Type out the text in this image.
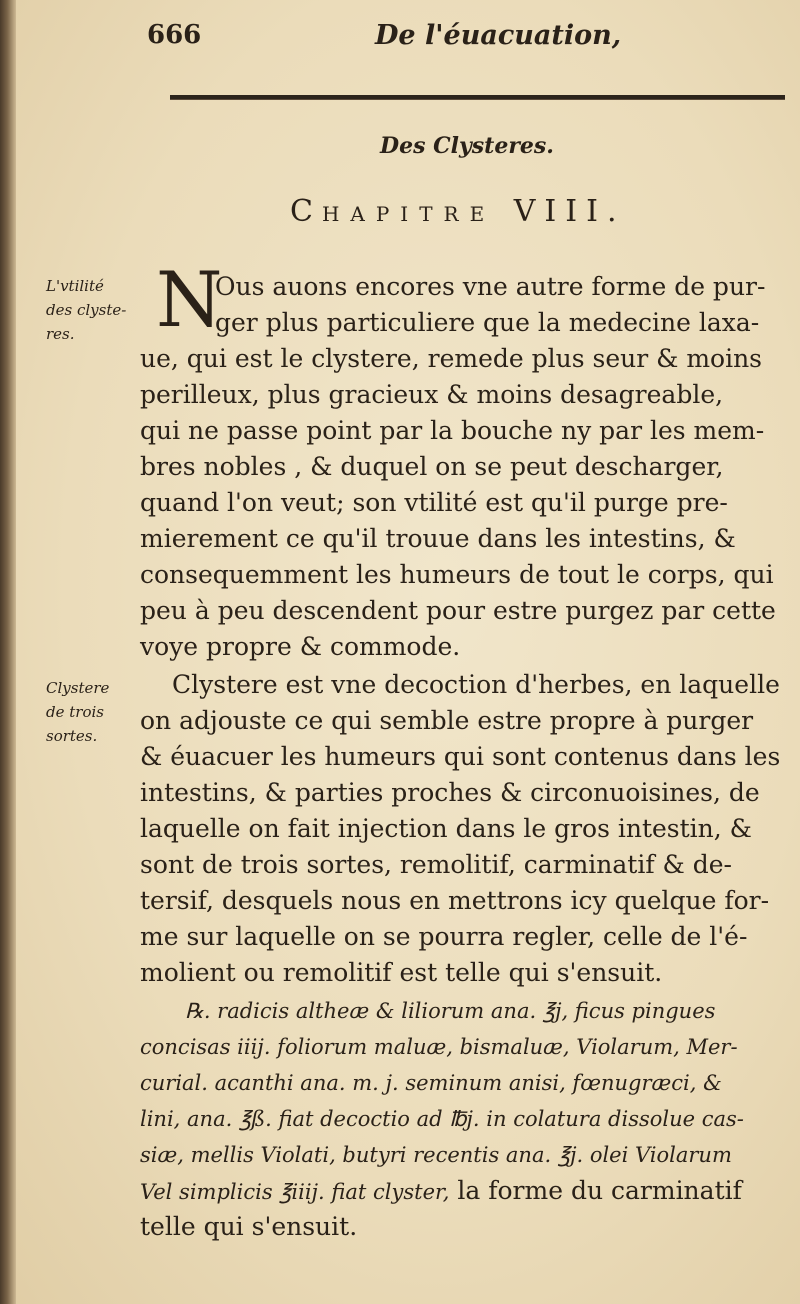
666	De l'éuacuation,
Des Clysteres.
CHAPITRE VIII.
L'vtilité
des clyste-
res.
Clystere
de trois
sortes.
N
Ous auons encores vne autre forme de pur-
ger plus particuliere que la medecine laxa-
ue, qui est le clystere, remede plus seur & moins
perilleux, plus gracieux & moins desagreable,
qui ne passe point par la bouche ny par les mem-
bres nobles , & duquel on se peut descharger,
quand l'on veut; son vtilité est qu'il purge pre-
mierement ce qu'il trouue dans les intestins, &
consequemment les humeurs de tout le corps, qui
peu à peu descendent pour estre purgez par cette
voye propre & commode.
Clystere est vne decoction d'herbes, en laquelle
on adjouste ce qui semble estre propre à purger
& éuacuer les humeurs qui sont contenus dans les
intestins, & parties proches & circonuoisines, de
laquelle on fait injection dans le gros intestin, &
sont de trois sortes, remolitif, carminatif & de-
tersif, desquels nous en mettrons icy quelque for-
me sur laquelle on se pourra regler, celle de l'é-
molient ou remolitif est telle qui s'ensuit.
℞. radicis altheæ & liliorum ana. ℥j, ficus pingues
concisas iiij. foliorum maluæ, bismaluæ, Violarum, Mer-
curial. acanthi ana. m. j. seminum anisi, fœnugræci, &
lini, ana. ℥ß. fiat decoctio ad ℔j. in colatura dissolue cas-
siæ, mellis Violati, butyri recentis ana. ℥j. olei Violarum
Vel simplicis ℥iiij. fiat clyster, la forme du carminatif
telle qui s'ensuit.
